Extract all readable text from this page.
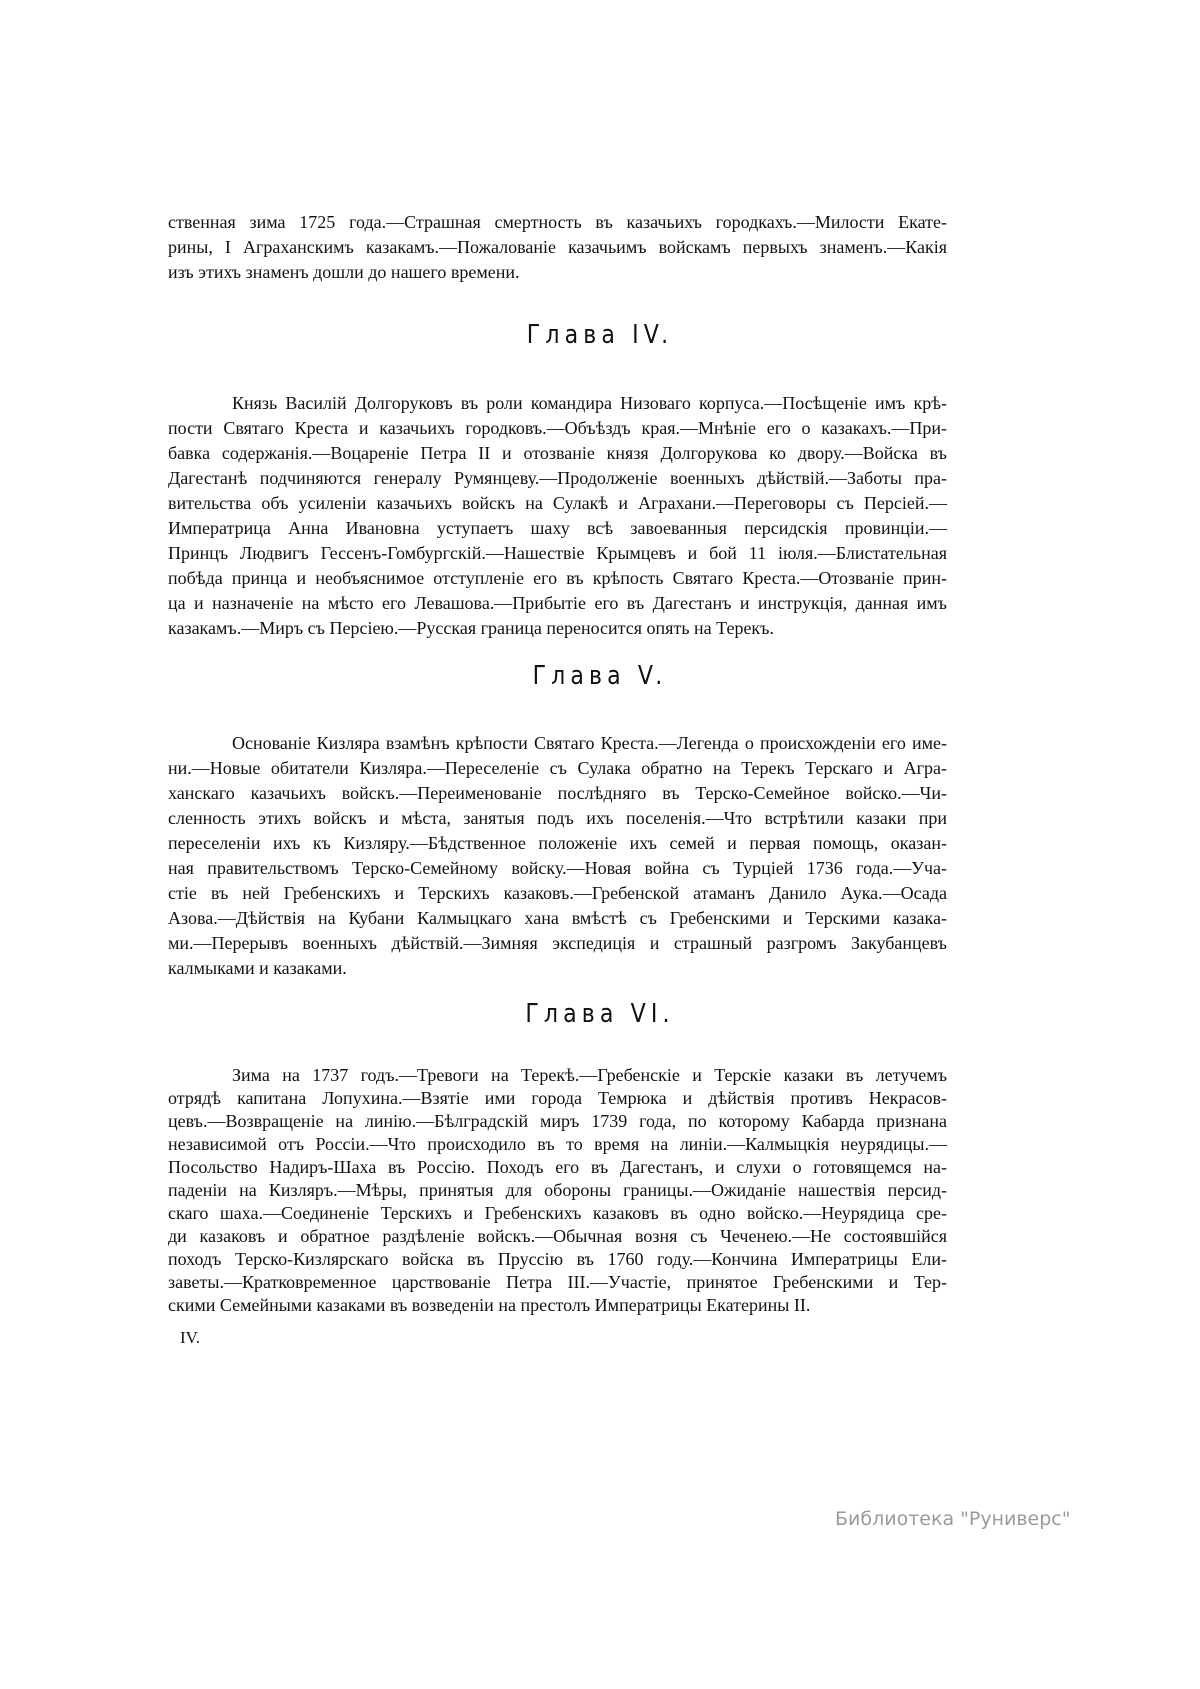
ственная зима 1725 года.—Страшная смертность въ казачьихъ городкахъ.—Милости Екате-
рины, I Аграханскимъ казакамъ.—Пожалованіе казачьимъ войскамъ первыхъ знаменъ.—Какія
изъ этихъ знаменъ дошли до нашего времени.
Глава IV.
Князь Василій Долгоруковъ въ роли командира Низоваго корпуса.—Посѣщеніе имъ крѣ-
пости Святаго Креста и казачьихъ городковъ.—Объѣздъ края.—Мнѣніе его о казакахъ.—При-
бавка содержанія.—Воцареніе Петра II и отозваніе князя Долгорукова ко двору.—Войска въ
Дагестанѣ подчиняются генералу Румянцеву.—Продолженіе военныхъ дѣйствій.—Заботы пра-
вительства объ усиленіи казачьихъ войскъ на Сулакѣ и Аграхани.—Переговоры съ Персіей.—
Императрица Анна Ивановна уступаетъ шаху всѣ завоеванныя персидскія провинціи.—
Принцъ Людвигъ Гессенъ-Гомбургскій.—Нашествіе Крымцевъ и бой 11 іюля.—Блистательная
побѣда принца и необъяснимое отступленіе его въ крѣпость Святаго Креста.—Отозваніе прин-
ца и назначеніе на мѣсто его Левашова.—Прибытіе его въ Дагестанъ и инструкція, данная имъ
казакамъ.—Миръ съ Персіею.—Русская граница переносится опять на Терекъ.
Глава V.
Основаніе Кизляра взамѣнъ крѣпости Святаго Креста.—Легенда о происхожденіи его име-
ни.—Новые обитатели Кизляра.—Переселеніе съ Сулака обратно на Терекъ Терскаго и Агра-
ханскаго казачьихъ войскъ.—Переименованіе послѣдняго въ Терско-Семейное войско.—Чи-
сленность этихъ войскъ и мѣста, занятыя подъ ихъ поселенія.—Что встрѣтили казаки при
переселеніи ихъ къ Кизляру.—Бѣдственное положеніе ихъ семей и первая помощь, оказан-
ная правительствомъ Терско-Семейному войску.—Новая война съ Турціей 1736 года.—Уча-
стіе въ ней Гребенскихъ и Терскихъ казаковъ.—Гребенской атаманъ Данило Аука.—Осада
Азова.—Дѣйствія на Кубани Калмыцкаго хана вмѣстѣ съ Гребенскими и Терскими казака-
ми.—Перерывъ военныхъ дѣйствій.—Зимняя экспедиція и страшный разгромъ Закубанцевъ
калмыками и казаками.
Глава VI.
Зима на 1737 годъ.—Тревоги на Терекѣ.—Гребенскіе и Терскіе казаки въ летучемъ
отрядѣ капитана Лопухина.—Взятіе ими города Темрюка и дѣйствія противъ Некрасов-
цевъ.—Возвращеніе на линію.—Бѣлградскій миръ 1739 года, по которому Кабарда признана
независимой отъ Россіи.—Что происходило въ то время на линіи.—Калмыцкія неурядицы.—
Посольство Надиръ-Шаха въ Россію. Походъ его въ Дагестанъ, и слухи о готовящемся на-
паденіи на Кизляръ.—Мѣры, принятыя для обороны границы.—Ожиданіе нашествія персид-
скаго шаха.—Соединеніе Терскихъ и Гребенскихъ казаковъ въ одно войско.—Неурядица сре-
ди казаковъ и обратное раздѣленіе войскъ.—Обычная возня съ Чеченею.—Не состоявшійся
походъ Терско-Кизлярскаго войска въ Пруссію въ 1760 году.—Кончина Императрицы Ели-
заветы.—Кратковременное царствованіе Петра III.—Участіе, принятое Гребенскими и Тер-
скими Семейными казаками въ возведеніи на престолъ Императрицы Екатерины II.
IV.
Библиотека "Руниверс"
